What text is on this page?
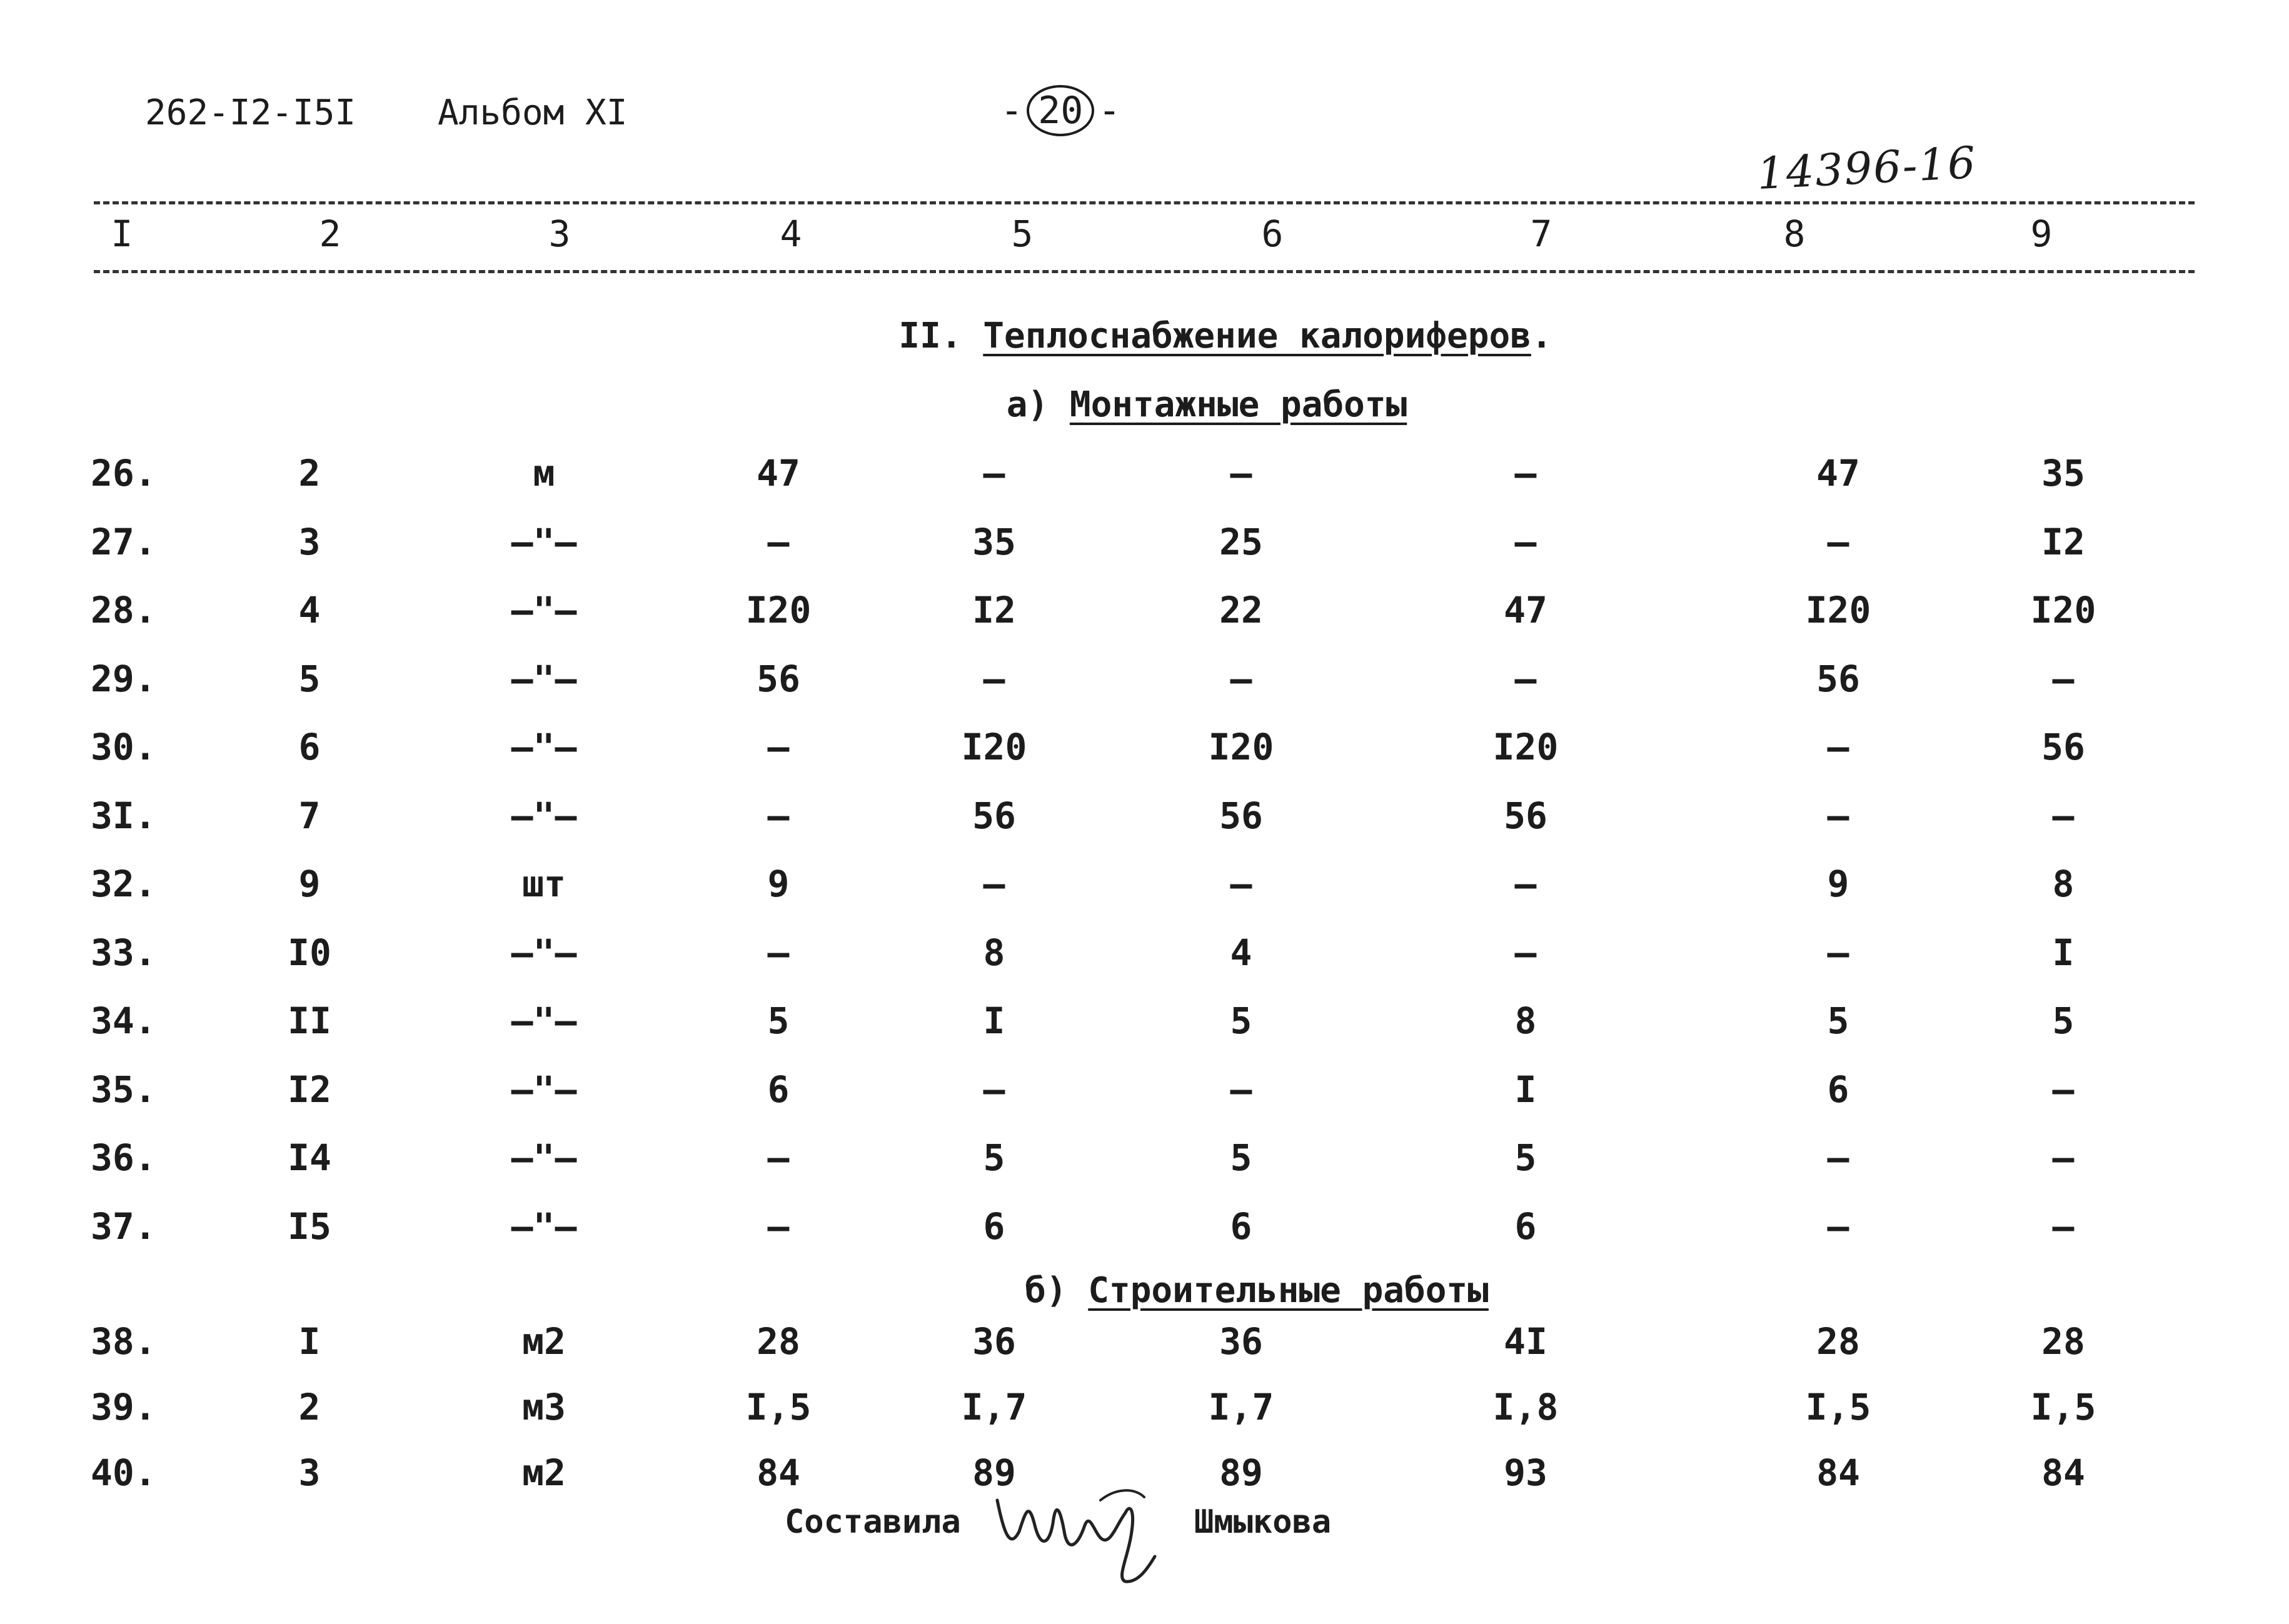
262-I2-I5I Альбом XI	- 20 -
14396-16
I	2	3	4	5	6	7	8	9
II. Теплоснабжение калориферов.
а) Монтажные работы
26.	2	м	47	–	–	–	47	35
27.	3	–"–	–	35	25	–	–	I2
28.	4	–"–	I20	I2	22	47	I20	I20
29.	5	–"–	56	–	–	–	56	–
30.	6	–"–	–	I20	I20	I20	–	56
3I.	7	–"–	–	56	56	56	–	–
32.	9	шт	9	–	–	–	9	8
33.	I0	–"–	–	8	4	–	–	I
34.	II	–"–	5	I	5	8	5	5
35.	I2	–"–	6	–	–	I	6	–
36.	I4	–"–	–	5	5	5	–	–
37.	I5	–"–	–	6	6	6	–	–
б) Строительные работы
38.	I	м2	28	36	36	4I	28	28
39.	2	м3	I,5	I,7	I,7	I,8	I,5	I,5
40.	3	м2	84	89	89	93	84	84
Составила	Шмыкова
